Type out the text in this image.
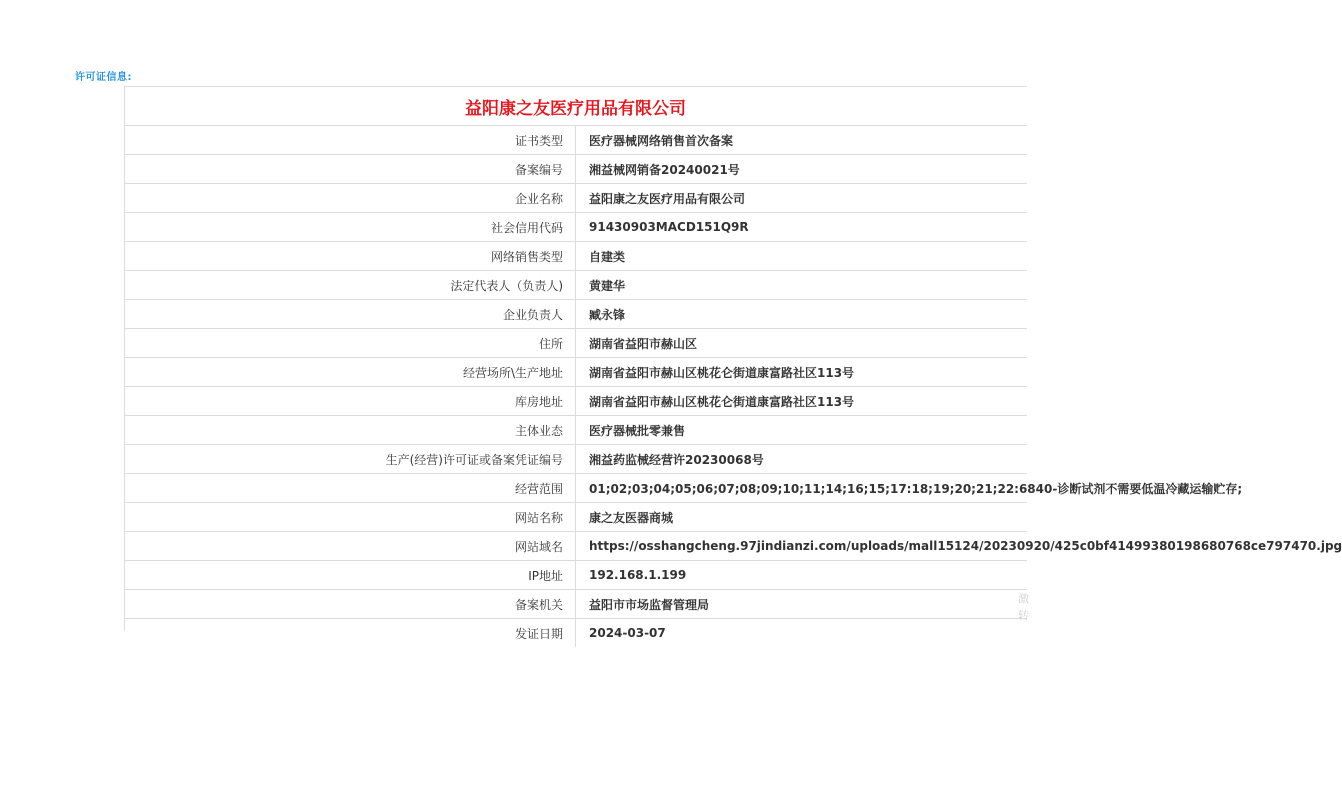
许可证信息:
益阳康之友医疗用品有限公司	
证书类型	医疗器械网络销售首次备案
备案编号	湘益械网销备20240021号
企业名称	益阳康之友医疗用品有限公司
社会信用代码	91430903MACD151Q9R
网络销售类型	自建类
法定代表人（负责人)	黄建华
企业负责人	臧永锋
住所	湖南省益阳市赫山区
经营场所\生产地址	湖南省益阳市赫山区桃花仑街道康富路社区113号
库房地址	湖南省益阳市赫山区桃花仑街道康富路社区113号
主体业态	医疗器械批零兼售
生产(经营)许可证或备案凭证编号	湘益药监械经营许20230068号
经营范围	01;02;03;04;05;06;07;08;09;10;11;14;16;15;17:18;19;20;21;22:6840-诊断试剂不需要低温冷藏运输贮存;
网站名称	康之友医器商城
网站域名	https://osshangcheng.97jindianzi.com/uploads/mall15124/20230920/425c0bf41499380198680768ce797470.jpg
IP地址	192.168.1.199
备案机关	益阳市市场监督管理局
发证日期	2024-03-07
激
转
